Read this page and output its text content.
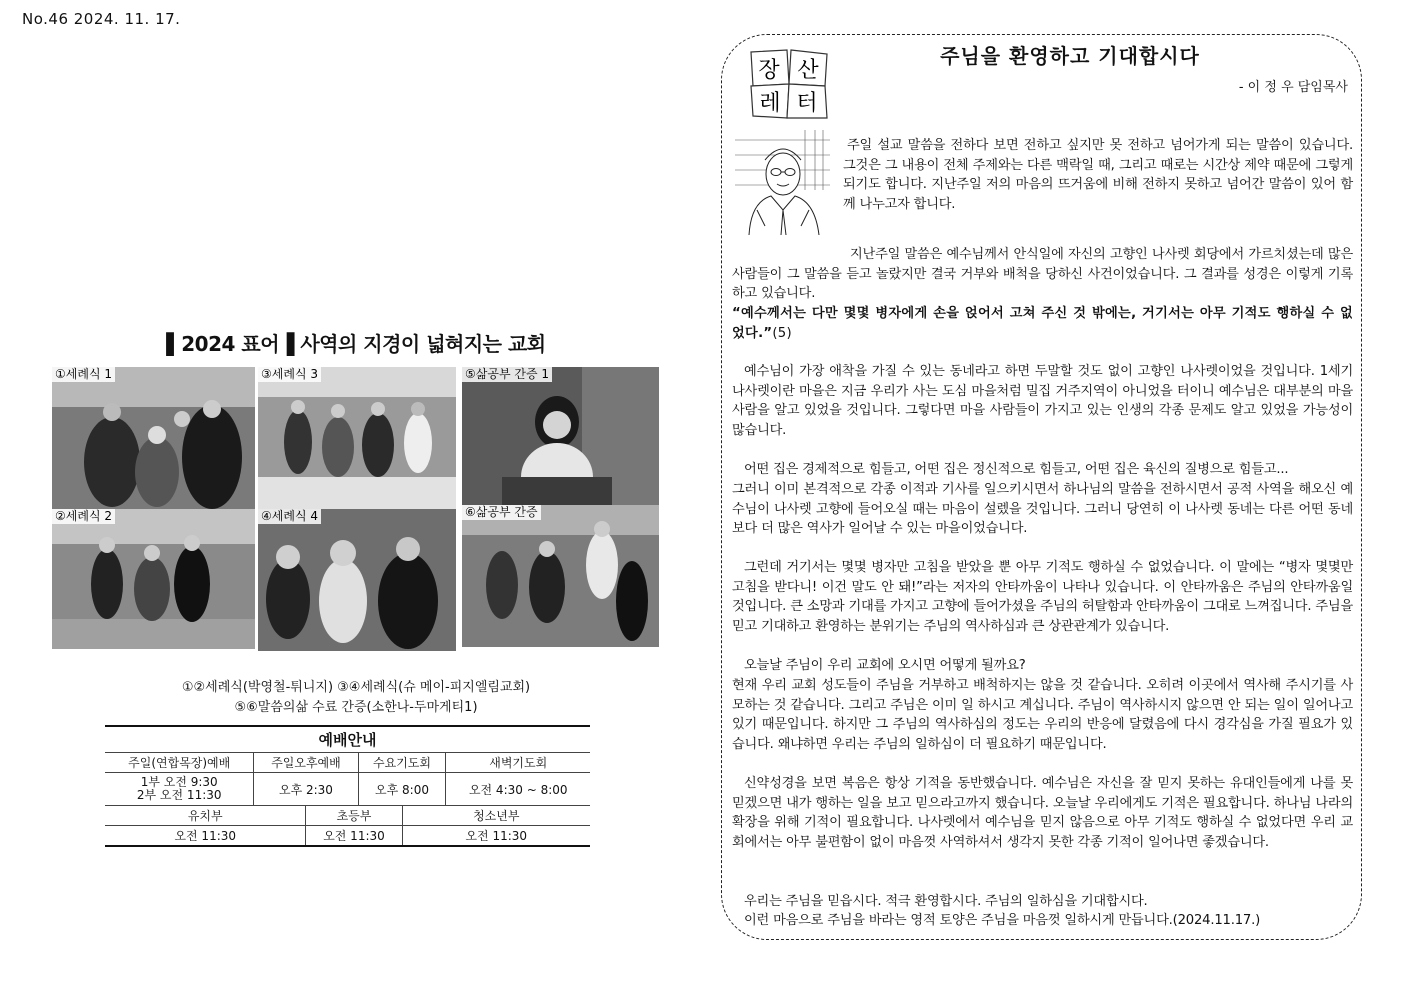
No.46 2024. 11. 17.
▌2024 표어▐ 사역의 지경이 넓혀지는 교회
①세례식 1	③세례식 3	⑤삶공부 간증 1
②세례식 2	④세례식 4	⑥삶공부 간증
①②세례식(박영철-튀니지) ③④세례식(슈 메이-피지엘림교회)
⑤⑥말씀의삶 수료 간증(소한나-두마게티1)
예배안내					
주일(연합목장)예배	주일오후예배		수요기도회		새벽기도회

1부 오전 9:30
2부 오전 11:30	오후 2:30		오후 8:00		오전 4:30 ~ 8:00
유치부		초등부		청소년부	
오전 11:30		오전 11:30		오전 11:30	
장 산
레 터
주님을 환영하고 기대합시다
- 이 정 우 담임목사
주일 설교 말씀을 전하다 보면 전하고 싶지만 못 전하고 넘어가게 되는 말씀이 있습니다. 그것은 그 내용이 전체 주제와는 다른 맥락일 때, 그리고 때로는 시간상 제약 때문에 그렇게 되기도 합니다. 지난주일 저의 마음의 뜨거움에 비해 전하지 못하고 넘어간 말씀이 있어 함께 나누고자 합니다.
지난주일 말씀은 예수님께서 안식일에 자신의 고향인 나사렛 회당에서 가르치셨는데 많은 사람들이 그 말씀을 듣고 놀랐지만 결국 거부와 배척을 당하신 사건이었습니다. 그 결과를 성경은 이렇게 기록하고 있습니다.
“예수께서는 다만 몇몇 병자에게 손을 얹어서 고쳐 주신 것 밖에는, 거기서는 아무 기적도 행하실 수 없었다.”(5)
예수님이 가장 애착을 가질 수 있는 동네라고 하면 두말할 것도 없이 고향인 나사렛이었을 것입니다. 1세기 나사렛이란 마을은 지금 우리가 사는 도심 마을처럼 밀집 거주지역이 아니었을 터이니 예수님은 대부분의 마을 사람을 알고 있었을 것입니다. 그렇다면 마을 사람들이 가지고 있는 인생의 각종 문제도 알고 있었을 가능성이 많습니다.
어떤 집은 경제적으로 힘들고, 어떤 집은 정신적으로 힘들고, 어떤 집은 육신의 질병으로 힘들고...
그러니 이미 본격적으로 각종 이적과 기사를 일으키시면서 하나님의 말씀을 전하시면서 공적 사역을 해오신 예수님이 나사렛 고향에 들어오실 때는 마음이 설렜을 것입니다. 그러니 당연히 이 나사렛 동네는 다른 어떤 동네보다 더 많은 역사가 일어날 수 있는 마을이었습니다.
그런데 거기서는 몇몇 병자만 고침을 받았을 뿐 아무 기적도 행하실 수 없었습니다. 이 말에는 “병자 몇몇만 고침을 받다니! 이건 말도 안 돼!”라는 저자의 안타까움이 나타나 있습니다. 이 안타까움은 주님의 안타까움일 것입니다. 큰 소망과 기대를 가지고 고향에 들어가셨을 주님의 허탈함과 안타까움이 그대로 느껴집니다. 주님을 믿고 기대하고 환영하는 분위기는 주님의 역사하심과 큰 상관관계가 있습니다.
오늘날 주님이 우리 교회에 오시면 어떻게 될까요?
현재 우리 교회 성도들이 주님을 거부하고 배척하지는 않을 것 같습니다. 오히려 이곳에서 역사해 주시기를 사모하는 것 같습니다. 그리고 주님은 이미 일 하시고 계십니다. 주님이 역사하시지 않으면 안 되는 일이 일어나고 있기 때문입니다. 하지만 그 주님의 역사하심의 정도는 우리의 반응에 달렸음에 다시 경각심을 가질 필요가 있습니다. 왜냐하면 우리는 주님의 일하심이 더 필요하기 때문입니다.
신약성경을 보면 복음은 항상 기적을 동반했습니다. 예수님은 자신을 잘 믿지 못하는 유대인들에게 나를 못 믿겠으면 내가 행하는 일을 보고 믿으라고까지 했습니다. 오늘날 우리에게도 기적은 필요합니다. 하나님 나라의 확장을 위해 기적이 필요합니다. 나사렛에서 예수님을 믿지 않음으로 아무 기적도 행하실 수 없었다면 우리 교회에서는 아무 불편함이 없이 마음껏 사역하셔서 생각지 못한 각종 기적이 일어나면 좋겠습니다.
우리는 주님을 믿읍시다. 적극 환영합시다. 주님의 일하심을 기대합시다.
이런 마음으로 주님을 바라는 영적 토양은 주님을 마음껏 일하시게 만듭니다.(2024.11.17.)
